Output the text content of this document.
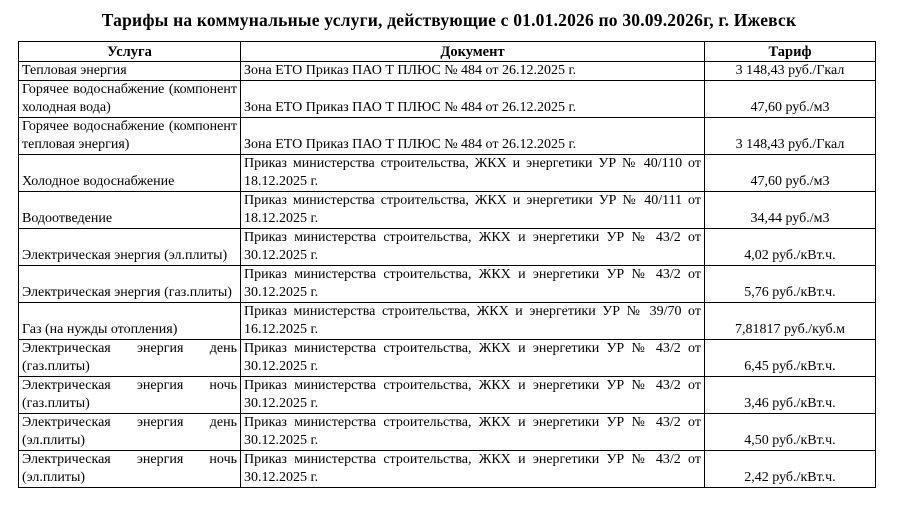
Тарифы на коммунальные услуги, действующие с 01.01.2026 по 30.09.2026г, г. Ижевск
Услуга	Документ	Тариф
Тепловая энергия	Зона ЕТО Приказ ПАО Т ПЛЮС № 484 от 26.12.2025 г.	3 148,43 руб./Гкал
Горячее водоснабжение (компонент холодная вода)	Зона ЕТО Приказ ПАО Т ПЛЮС № 484 от 26.12.2025 г.	47,60 руб./м3
Горячее водоснабжение (компонент тепловая энергия)	Зона ЕТО Приказ ПАО Т ПЛЮС № 484 от 26.12.2025 г.	3 148,43 руб./Гкал
Холодное водоснабжение	Приказ министерства строительства, ЖКХ и энергетики УР № 40/110 от 18.12.2025 г.	47,60 руб./м3
Водоотведение	Приказ министерства строительства, ЖКХ и энергетики УР № 40/111 от 18.12.2025 г.	34,44 руб./м3
Электрическая энергия (эл.плиты)	Приказ министерства строительства, ЖКХ и энергетики УР № 43/2 от 30.12.2025 г.	4,02 руб./кВт.ч.
Электрическая энергия (газ.плиты)	Приказ министерства строительства, ЖКХ и энергетики УР № 43/2 от 30.12.2025 г.	5,76 руб./кВт.ч.
Газ (на нужды отопления)	Приказ министерства строительства, ЖКХ и энергетики УР № 39/70 от 16.12.2025 г.	7,81817 руб./куб.м
Электрическая энергия день (газ.плиты)	Приказ министерства строительства, ЖКХ и энергетики УР № 43/2 от 30.12.2025 г.	6,45 руб./кВт.ч.
Электрическая энергия ночь (газ.плиты)	Приказ министерства строительства, ЖКХ и энергетики УР № 43/2 от 30.12.2025 г.	3,46 руб./кВт.ч.
Электрическая энергия день (эл.плиты)	Приказ министерства строительства, ЖКХ и энергетики УР № 43/2 от 30.12.2025 г.	4,50 руб./кВт.ч.
Электрическая энергия ночь (эл.плиты)	Приказ министерства строительства, ЖКХ и энергетики УР № 43/2 от 30.12.2025 г.	2,42 руб./кВт.ч.
